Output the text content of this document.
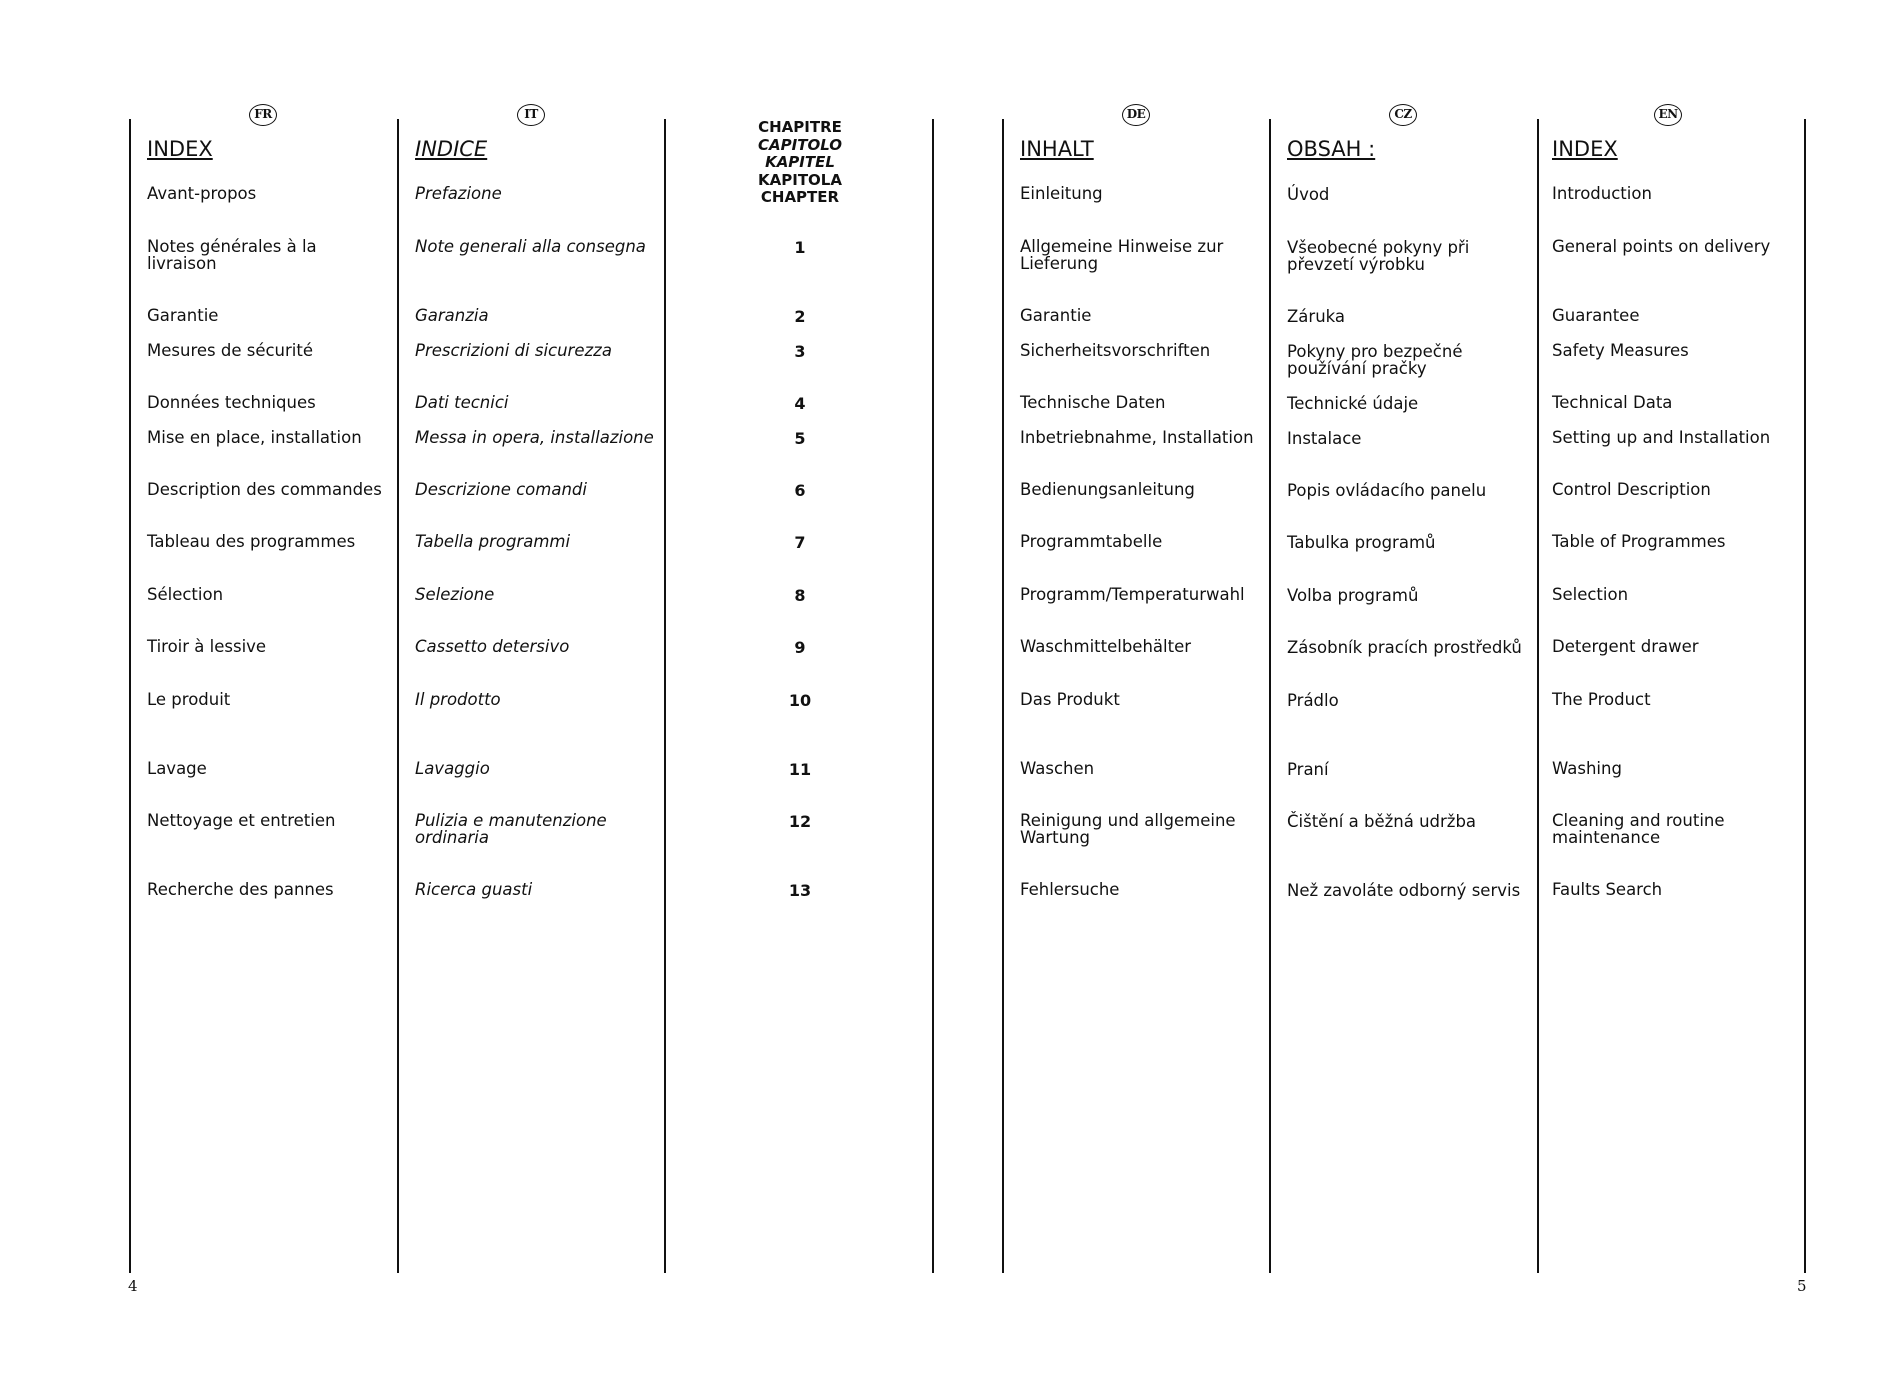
FR
INDEX
Avant-propos
Notes générales à la livraison
Garantie
Mesures de sécurité
Données techniques
Mise en place, installation
Description des commandes
Tableau des programmes
Sélection
Tiroir à lessive
Le produit
Lavage
Nettoyage et entretien
Recherche des pannes
IT
INDICE
Prefazione
Note generali alla consegna
Garanzia
Prescrizioni di sicurezza
Dati tecnici
Messa in opera, installazione
Descrizione comandi
Tabella programmi
Selezione
Cassetto detersivo
Il prodotto
Lavaggio
Pulizia e manutenzione ordinaria
Ricerca guasti
CHAPITRE
CAPITOLO
KAPITEL
KAPITOLA
CHAPTER
1
2
3
4
5
6
7
8
9
10
11
12
13
DE
INHALT
Einleitung
Allgemeine Hinweise zur Lieferung
Garantie
Sicherheitsvorschriften
Technische Daten
Inbetriebnahme, Installation
Bedienungsanleitung
Programmtabelle
Programm/Temperaturwahl
Waschmittelbehälter
Das Produkt
Waschen
Reinigung und allgemeine Wartung
Fehlersuche
CZ
OBSAH :
Úvod
Všeobecné pokyny při převzetí výrobku
Záruka
Pokyny pro bezpečné používání pračky
Technické údaje
Instalace
Popis ovládacího panelu
Tabulka programů
Volba programů
Zásobník pracích prostředků
Prádlo
Praní
Čištění a běžná udržba
Než zavoláte odborný servis
EN
INDEX
Introduction
General points on delivery
Guarantee
Safety Measures
Technical Data
Setting up and Installation
Control Description
Table of Programmes
Selection
Detergent drawer
The Product
Washing
Cleaning and routine maintenance
Faults Search
4	5
